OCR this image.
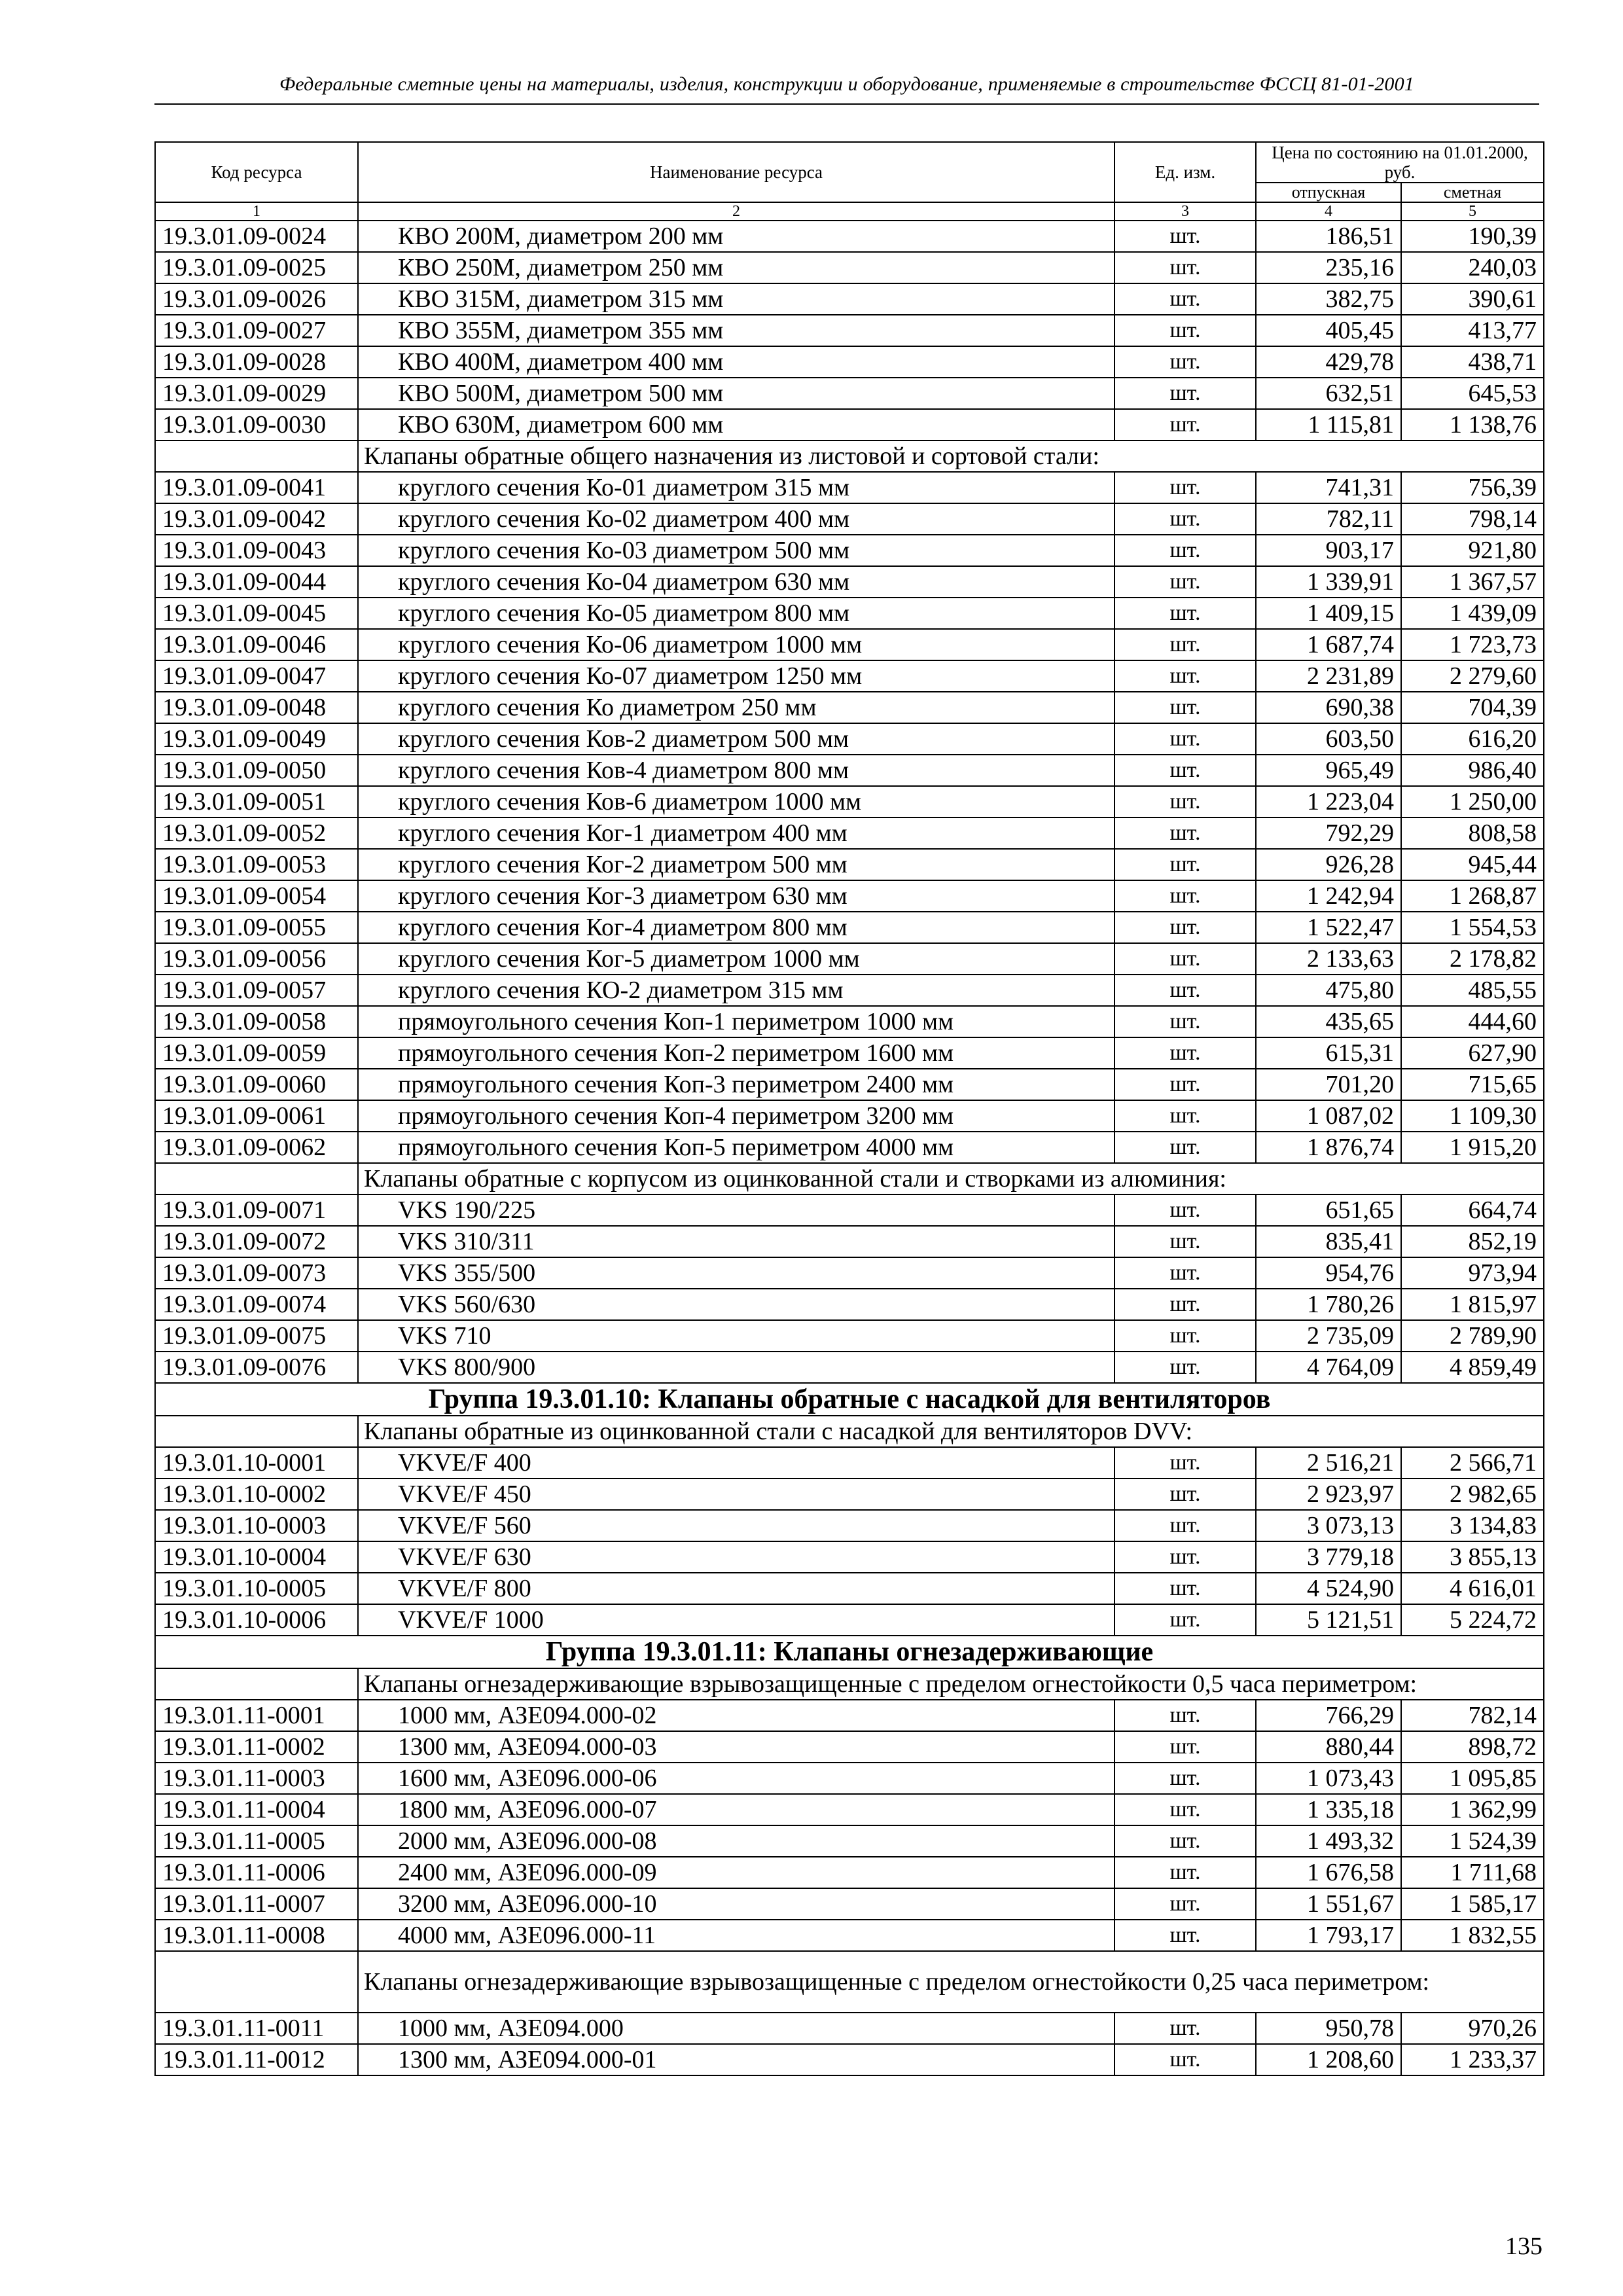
Федеральные сметные цены на материалы, изделия, конструкции и оборудование, применяемые в строительстве ФССЦ 81-01-2001
Код ресурса	Наименование ресурса	Ед. изм.	Цена по состоянию на 01.01.2000, руб.	
			отпускная	сметная
1	2	3	4	5
19.3.01.09-0024	КВО 200М, диаметром 200 мм	шт.	186,51	190,39
19.3.01.09-0025	КВО 250М, диаметром 250 мм	шт.	235,16	240,03
19.3.01.09-0026	КВО 315М, диаметром 315 мм	шт.	382,75	390,61
19.3.01.09-0027	КВО 355М, диаметром 355 мм	шт.	405,45	413,77
19.3.01.09-0028	КВО 400М, диаметром 400 мм	шт.	429,78	438,71
19.3.01.09-0029	КВО 500М, диаметром 500 мм	шт.	632,51	645,53
19.3.01.09-0030	КВО 630М, диаметром 600 мм	шт.	1 115,81	1 138,76
	Клапаны обратные общего назначения из листовой и сортовой стали:			
19.3.01.09-0041	круглого сечения Ко-01 диаметром 315 мм	шт.	741,31	756,39
19.3.01.09-0042	круглого сечения Ко-02 диаметром 400 мм	шт.	782,11	798,14
19.3.01.09-0043	круглого сечения Ко-03 диаметром 500 мм	шт.	903,17	921,80
19.3.01.09-0044	круглого сечения Ко-04 диаметром 630 мм	шт.	1 339,91	1 367,57
19.3.01.09-0045	круглого сечения Ко-05 диаметром 800 мм	шт.	1 409,15	1 439,09
19.3.01.09-0046	круглого сечения Ко-06 диаметром 1000 мм	шт.	1 687,74	1 723,73
19.3.01.09-0047	круглого сечения Ко-07 диаметром 1250 мм	шт.	2 231,89	2 279,60
19.3.01.09-0048	круглого сечения Ко диаметром 250 мм	шт.	690,38	704,39
19.3.01.09-0049	круглого сечения Ков-2 диаметром 500 мм	шт.	603,50	616,20
19.3.01.09-0050	круглого сечения Ков-4 диаметром 800 мм	шт.	965,49	986,40
19.3.01.09-0051	круглого сечения Ков-6 диаметром 1000 мм	шт.	1 223,04	1 250,00
19.3.01.09-0052	круглого сечения Ког-1 диаметром 400 мм	шт.	792,29	808,58
19.3.01.09-0053	круглого сечения Ког-2 диаметром 500 мм	шт.	926,28	945,44
19.3.01.09-0054	круглого сечения Ког-3 диаметром 630 мм	шт.	1 242,94	1 268,87
19.3.01.09-0055	круглого сечения Ког-4 диаметром 800 мм	шт.	1 522,47	1 554,53
19.3.01.09-0056	круглого сечения Ког-5 диаметром 1000 мм	шт.	2 133,63	2 178,82
19.3.01.09-0057	круглого сечения КО-2 диаметром 315 мм	шт.	475,80	485,55
19.3.01.09-0058	прямоугольного сечения Коп-1 периметром 1000 мм	шт.	435,65	444,60
19.3.01.09-0059	прямоугольного сечения Коп-2 периметром 1600 мм	шт.	615,31	627,90
19.3.01.09-0060	прямоугольного сечения Коп-3 периметром 2400 мм	шт.	701,20	715,65
19.3.01.09-0061	прямоугольного сечения Коп-4 периметром 3200 мм	шт.	1 087,02	1 109,30
19.3.01.09-0062	прямоугольного сечения Коп-5 периметром 4000 мм	шт.	1 876,74	1 915,20
	Клапаны обратные с корпусом из оцинкованной стали и створками из алюминия:			
19.3.01.09-0071	VKS 190/225	шт.	651,65	664,74
19.3.01.09-0072	VKS 310/311	шт.	835,41	852,19
19.3.01.09-0073	VKS 355/500	шт.	954,76	973,94
19.3.01.09-0074	VKS 560/630	шт.	1 780,26	1 815,97
19.3.01.09-0075	VKS 710	шт.	2 735,09	2 789,90
19.3.01.09-0076	VKS 800/900	шт.	4 764,09	4 859,49
Группа 19.3.01.10: Клапаны обратные с насадкой для вентиляторов				
	Клапаны обратные из оцинкованной стали с насадкой для вентиляторов DVV:			
19.3.01.10-0001	VKVE/F 400	шт.	2 516,21	2 566,71
19.3.01.10-0002	VKVE/F 450	шт.	2 923,97	2 982,65
19.3.01.10-0003	VKVE/F 560	шт.	3 073,13	3 134,83
19.3.01.10-0004	VKVE/F 630	шт.	3 779,18	3 855,13
19.3.01.10-0005	VKVE/F 800	шт.	4 524,90	4 616,01
19.3.01.10-0006	VKVE/F 1000	шт.	5 121,51	5 224,72
Группа 19.3.01.11: Клапаны огнезадерживающие				
	Клапаны огнезадерживающие взрывозащищенные с пределом огнестойкости 0,5 часа периметром:			
19.3.01.11-0001	1000 мм, АЗЕ094.000-02	шт.	766,29	782,14
19.3.01.11-0002	1300 мм, АЗЕ094.000-03	шт.	880,44	898,72
19.3.01.11-0003	1600 мм, АЗЕ096.000-06	шт.	1 073,43	1 095,85
19.3.01.11-0004	1800 мм, АЗЕ096.000-07	шт.	1 335,18	1 362,99
19.3.01.11-0005	2000 мм, АЗЕ096.000-08	шт.	1 493,32	1 524,39
19.3.01.11-0006	2400 мм, АЗЕ096.000-09	шт.	1 676,58	1 711,68
19.3.01.11-0007	3200 мм, АЗЕ096.000-10	шт.	1 551,67	1 585,17
19.3.01.11-0008	4000 мм, АЗЕ096.000-11	шт.	1 793,17	1 832,55
	Клапаны огнезадерживающие взрывозащищенные с пределом огнестойкости 0,25 часа периметром:			
19.3.01.11-0011	1000 мм, АЗЕ094.000	шт.	950,78	970,26
19.3.01.11-0012	1300 мм, АЗЕ094.000-01	шт.	1 208,60	1 233,37
135
